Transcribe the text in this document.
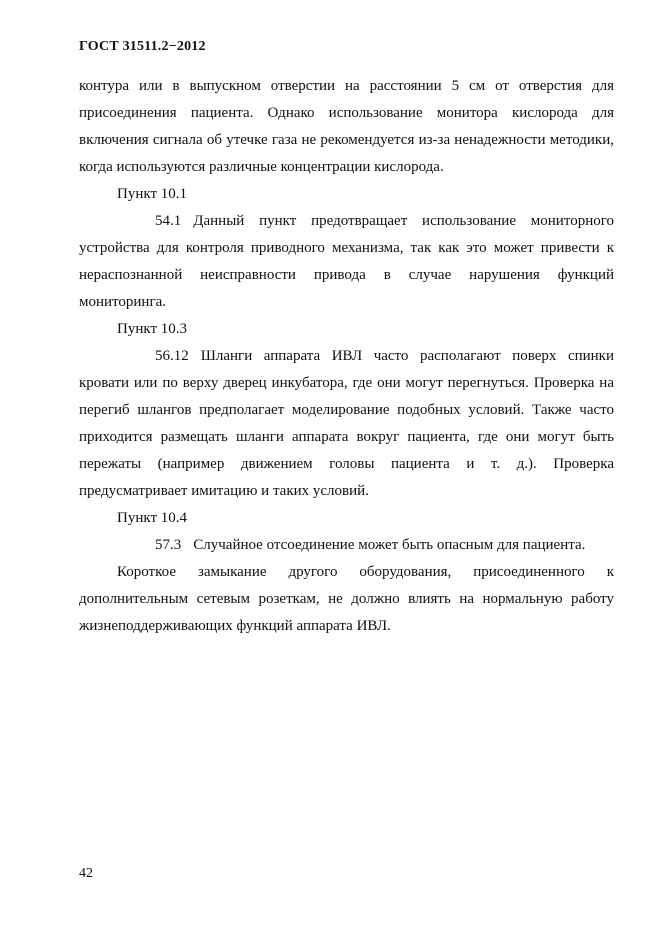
ГОСТ 31511.2−2012

контура или в выпускном отверстии на расстоянии 5 см от отверстия для присоединения пациента. Однако использование монитора кислорода для включения сигнала об утечке газа не рекомендуется из-за ненадежности методики, когда используются различные концентрации кислорода.

Пункт 10.1

54.1 Данный пункт предотвращает использование мониторного устройства для контроля приводного механизма, так как это может привести к нераспознанной неисправности привода в случае нарушения функций мониторинга.

Пункт 10.3

56.12 Шланги аппарата ИВЛ часто располагают поверх спинки кровати или по верху дверец инкубатора, где они могут перегнуться. Проверка на перегиб шлангов предполагает моделирование подобных условий. Также часто приходится размещать шланги аппарата вокруг пациента, где они могут быть пережаты (например движением головы пациента и т. д.). Проверка предусматривает имитацию и таких условий.

Пункт 10.4

57.3 Случайное отсоединение может быть опасным для пациента.

Короткое замыкание другого оборудования, присоединенного к дополнительным сетевым розеткам, не должно влиять на нормальную работу жизнеподдерживающих функций аппарата ИВЛ.

42
